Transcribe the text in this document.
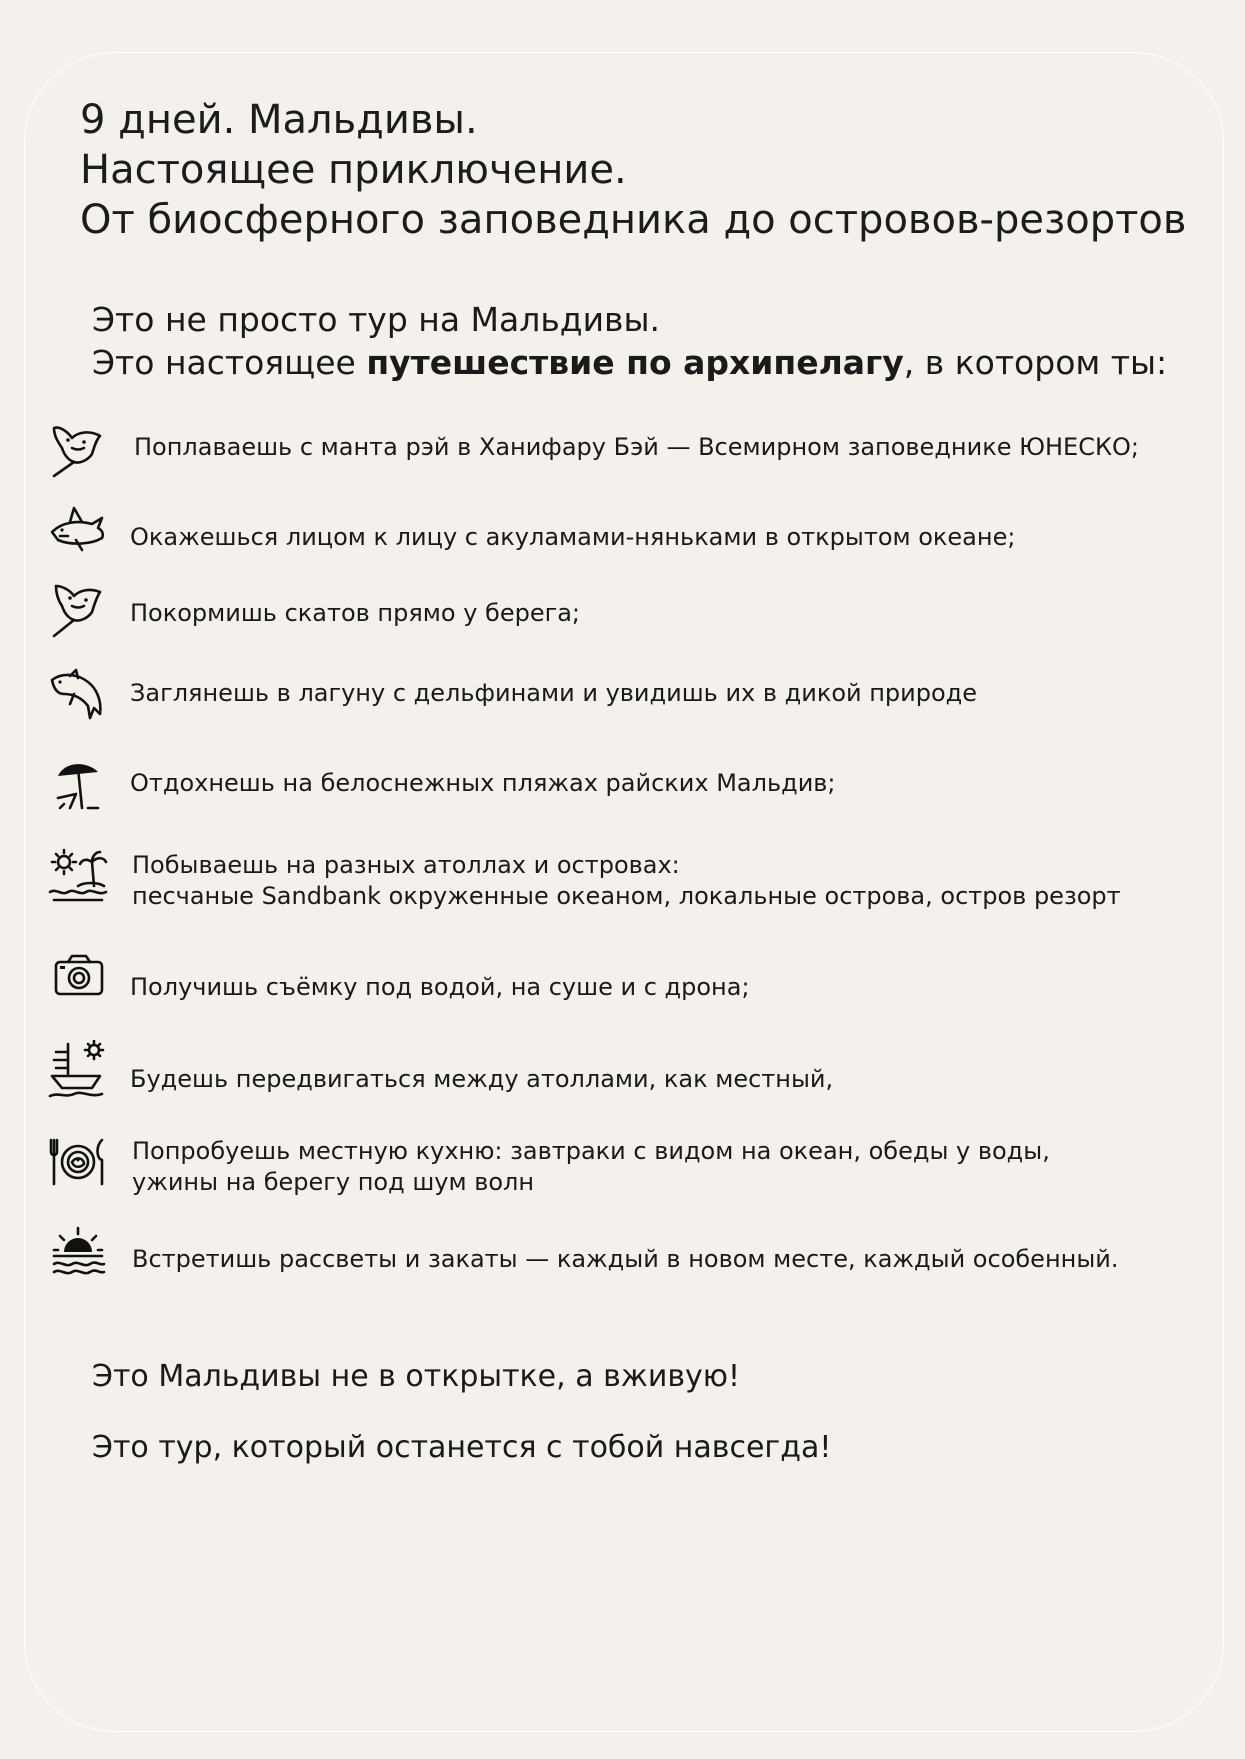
9 дней. Мальдивы.
Настоящее приключение.
От биосферного заповедника до островов-резортов

Это не просто тур на Мальдивы.
Это настоящее путешествие по архипелагу, в котором ты:

Поплаваешь с манта рэй в Ханифару Бэй — Всемирном заповеднике ЮНЕСКО;
Окажешься лицом к лицу с акуламами-няньками в открытом океане;
Покормишь скатов прямо у берега;
Заглянешь в лагуну с дельфинами и увидишь их в дикой природе
Отдохнешь на белоснежных пляжах райских Мальдив;
Побываешь на разных атоллах и островах:
песчаные Sandbank окруженные океаном, локальные острова, остров резорт
Получишь съёмку под водой, на суше и с дрона;
Будешь передвигаться между атоллами, как местный,
Попробуешь местную кухню: завтраки с видом на океан, обеды у воды,
ужины на берегу под шум волн
Встретишь рассветы и закаты — каждый в новом месте, каждый особенный.

Это Мальдивы не в открытке, а вживую!

Это тур, который останется с тобой навсегда!
